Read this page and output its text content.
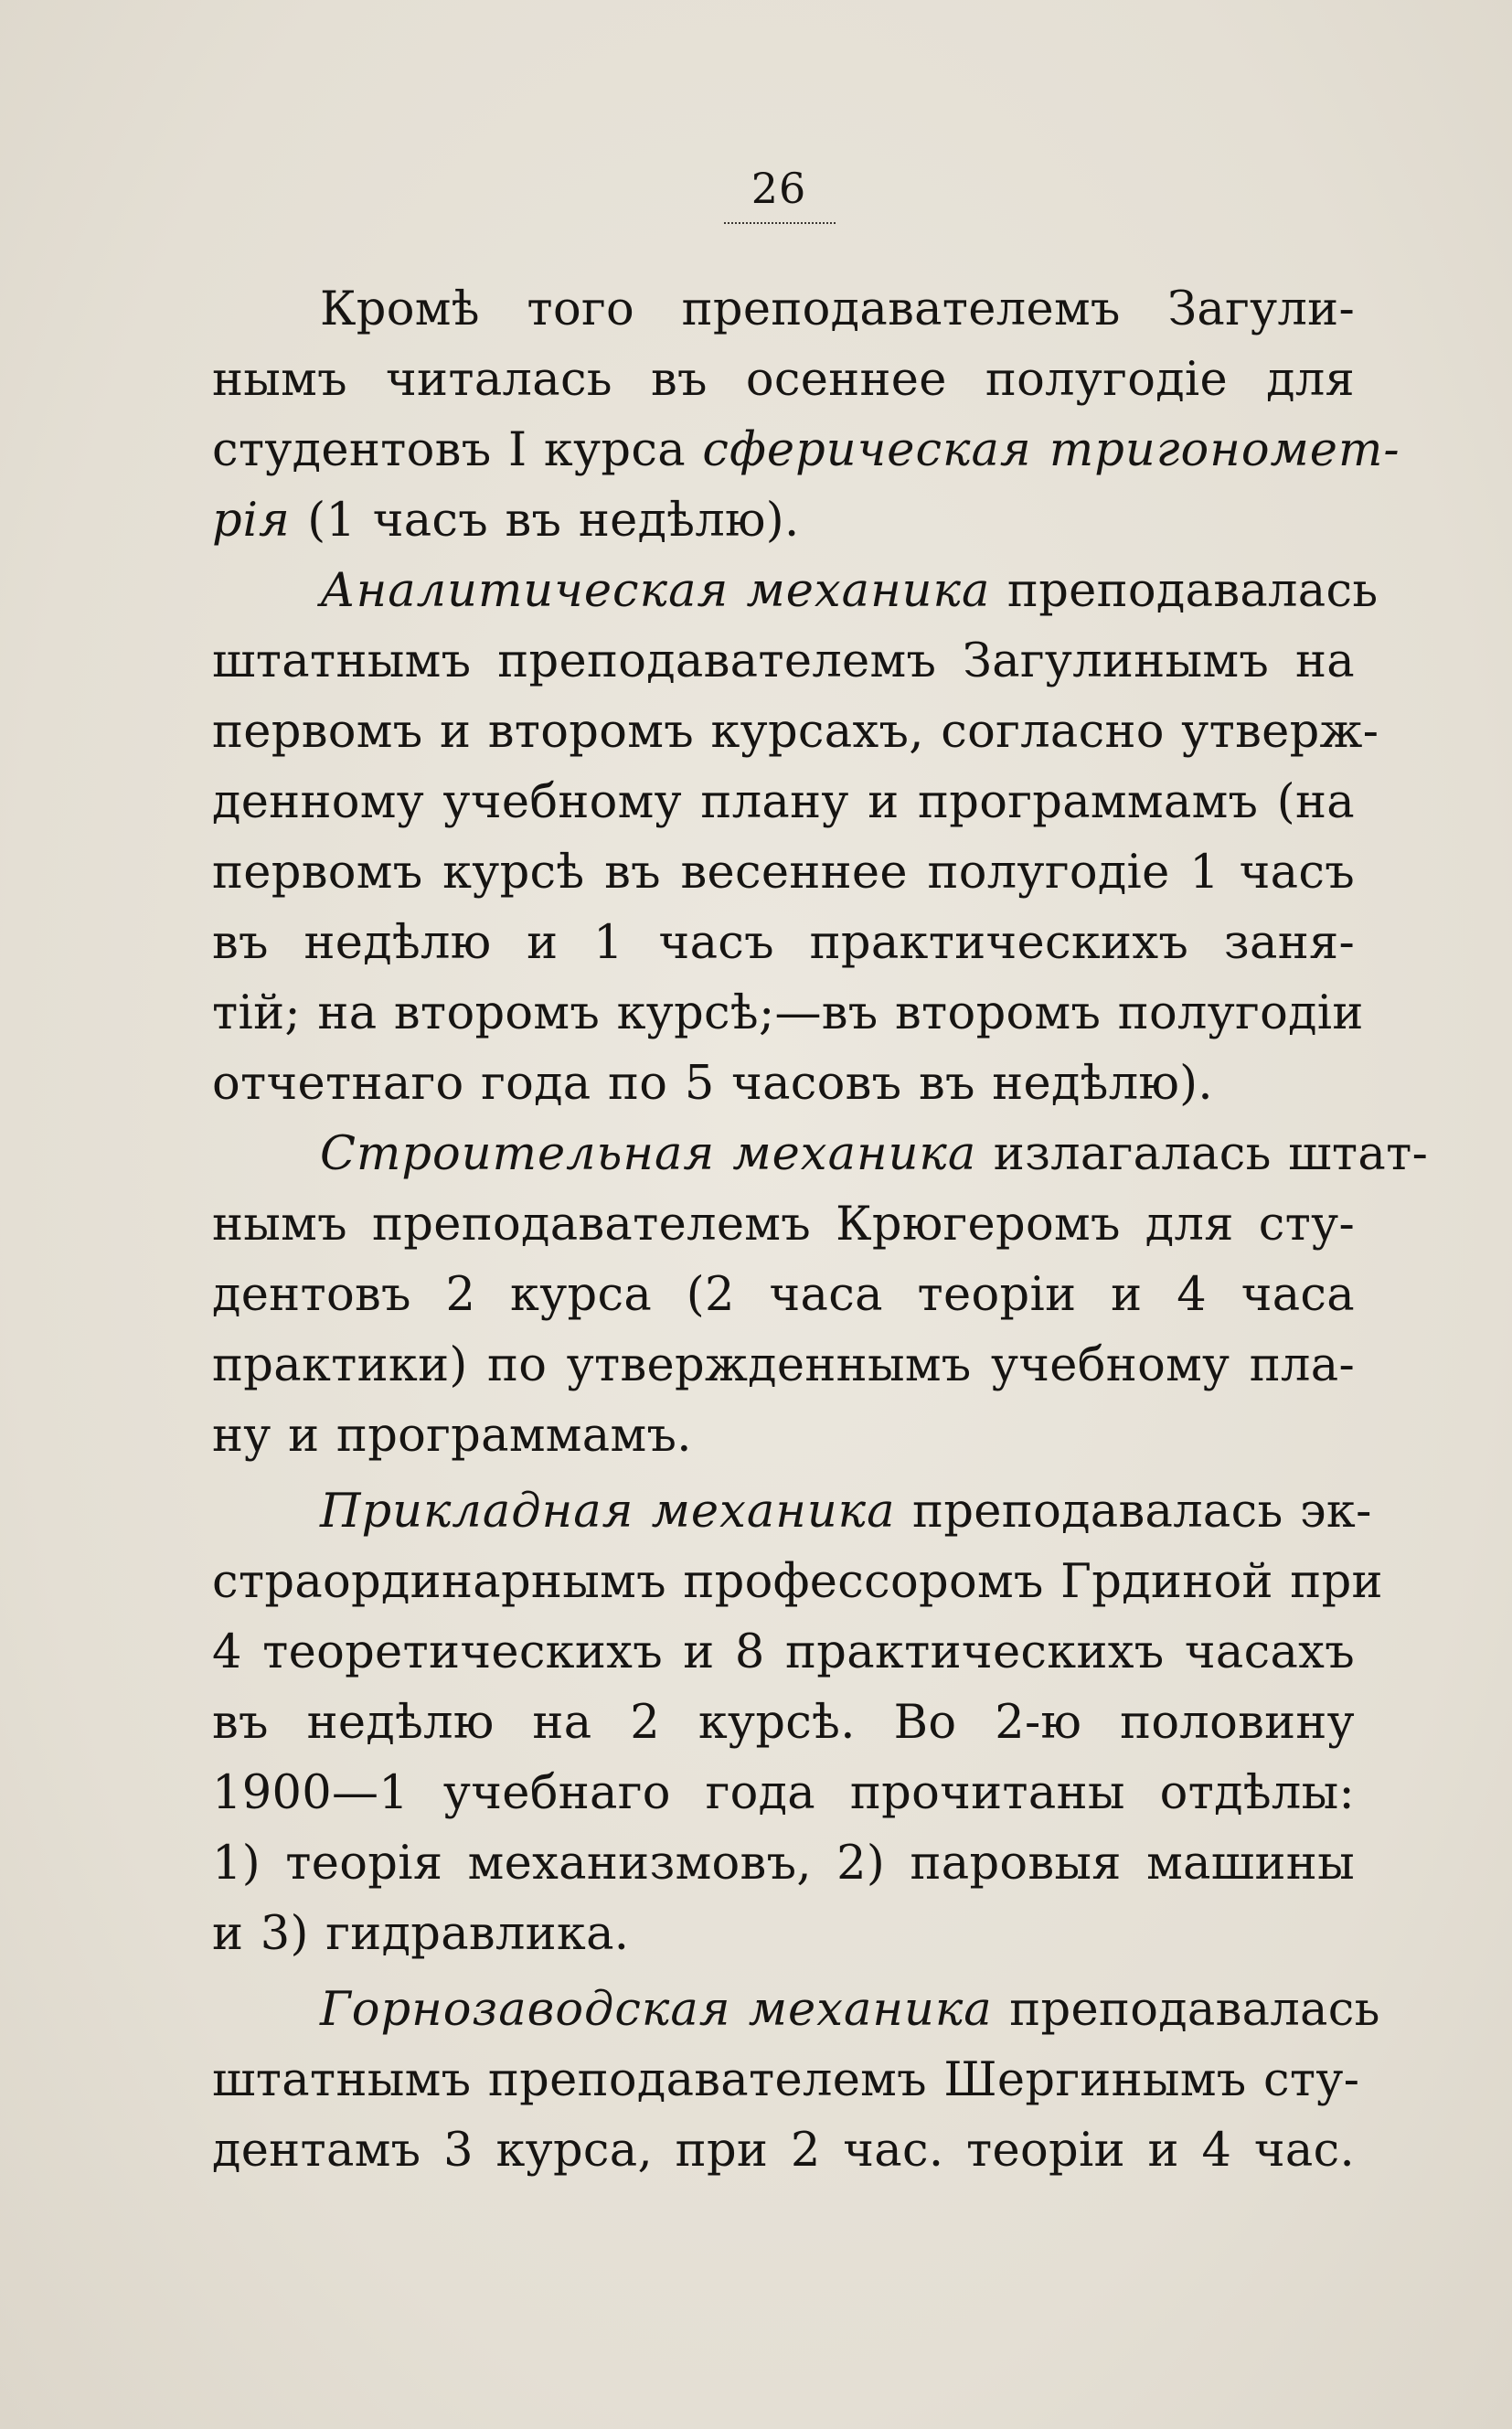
26
Кромѣ того преподавателемъ Загули-
нымъ читалась въ осеннее полугодіе для
студентовъ I курса сферическая тригономет-
рія (1 часъ въ недѣлю).
Аналитическая механика преподавалась
штатнымъ преподавателемъ Загулинымъ на
первомъ и второмъ курсахъ, согласно утверж-
денному учебному плану и программамъ (на
первомъ курсѣ въ весеннее полугодіе 1 часъ
въ недѣлю и 1 часъ практическихъ заня-
тій; на второмъ курсѣ;—въ второмъ полугодіи
отчетнаго года по 5 часовъ въ недѣлю).
Строительная механика излагалась штат-
нымъ преподавателемъ Крюгеромъ для сту-
дентовъ 2 курса (2 часа теоріи и 4 часа
практики) по утвержденнымъ учебному пла-
ну и программамъ.
Прикладная механика преподавалась эк-
страординарнымъ профессоромъ Грдиной при
4 теоретическихъ и 8 практическихъ часахъ
въ недѣлю на 2 курсѣ. Во 2-ю половину
1900—1 учебнаго года прочитаны отдѣлы:
1) теорія механизмовъ, 2) паровыя машины
и 3) гидравлика.
Горнозаводская механика преподавалась
штатнымъ преподавателемъ Шергинымъ сту-
дентамъ 3 курса, при 2 час. теоріи и 4 час.
